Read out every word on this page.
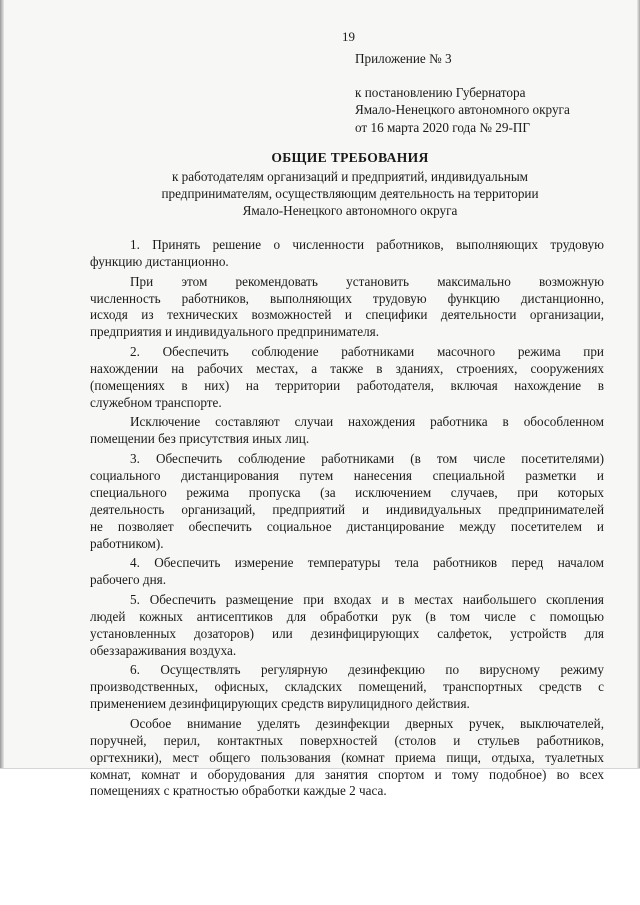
19
Приложение № 3
к постановлению Губернатора
Ямало-Ненецкого автономного округа
от 16 марта 2020 года № 29-ПГ
ОБЩИЕ ТРЕБОВАНИЯ
к работодателям организаций и предприятий, индивидуальным
предпринимателям, осуществляющим деятельность на территории
Ямало-Ненецкого автономного округа
1. Принять решение о численности работников, выполняющих трудовую
функцию дистанционно.
При этом рекомендовать установить максимально возможную
численность работников, выполняющих трудовую функцию дистанционно,
исходя из технических возможностей и специфики деятельности организации,
предприятия и индивидуального предпринимателя.
2. Обеспечить соблюдение работниками масочного режима при
нахождении на рабочих местах, а также в зданиях, строениях, сооружениях
(помещениях в них) на территории работодателя, включая нахождение в
служебном транспорте.
Исключение составляют случаи нахождения работника в обособленном
помещении без присутствия иных лиц.
3. Обеспечить соблюдение работниками (в том числе посетителями)
социального дистанцирования путем нанесения специальной разметки и
специального режима пропуска (за исключением случаев, при которых
деятельность организаций, предприятий и индивидуальных предпринимателей
не позволяет обеспечить социальное дистанцирование между посетителем и
работником).
4. Обеспечить измерение температуры тела работников перед началом
рабочего дня.
5. Обеспечить размещение при входах и в местах наибольшего скопления
людей кожных антисептиков для обработки рук (в том числе с помощью
установленных дозаторов) или дезинфицирующих салфеток, устройств для
обеззараживания воздуха.
6. Осуществлять регулярную дезинфекцию по вирусному режиму
производственных, офисных, складских помещений, транспортных средств с
применением дезинфицирующих средств вирулицидного действия.
Особое внимание уделять дезинфекции дверных ручек, выключателей,
поручней, перил, контактных поверхностей (столов и стульев работников,
оргтехники), мест общего пользования (комнат приема пищи, отдыха, туалетных
комнат, комнат и оборудования для занятия спортом и тому подобное) во всех
помещениях с кратностью обработки каждые 2 часа.
